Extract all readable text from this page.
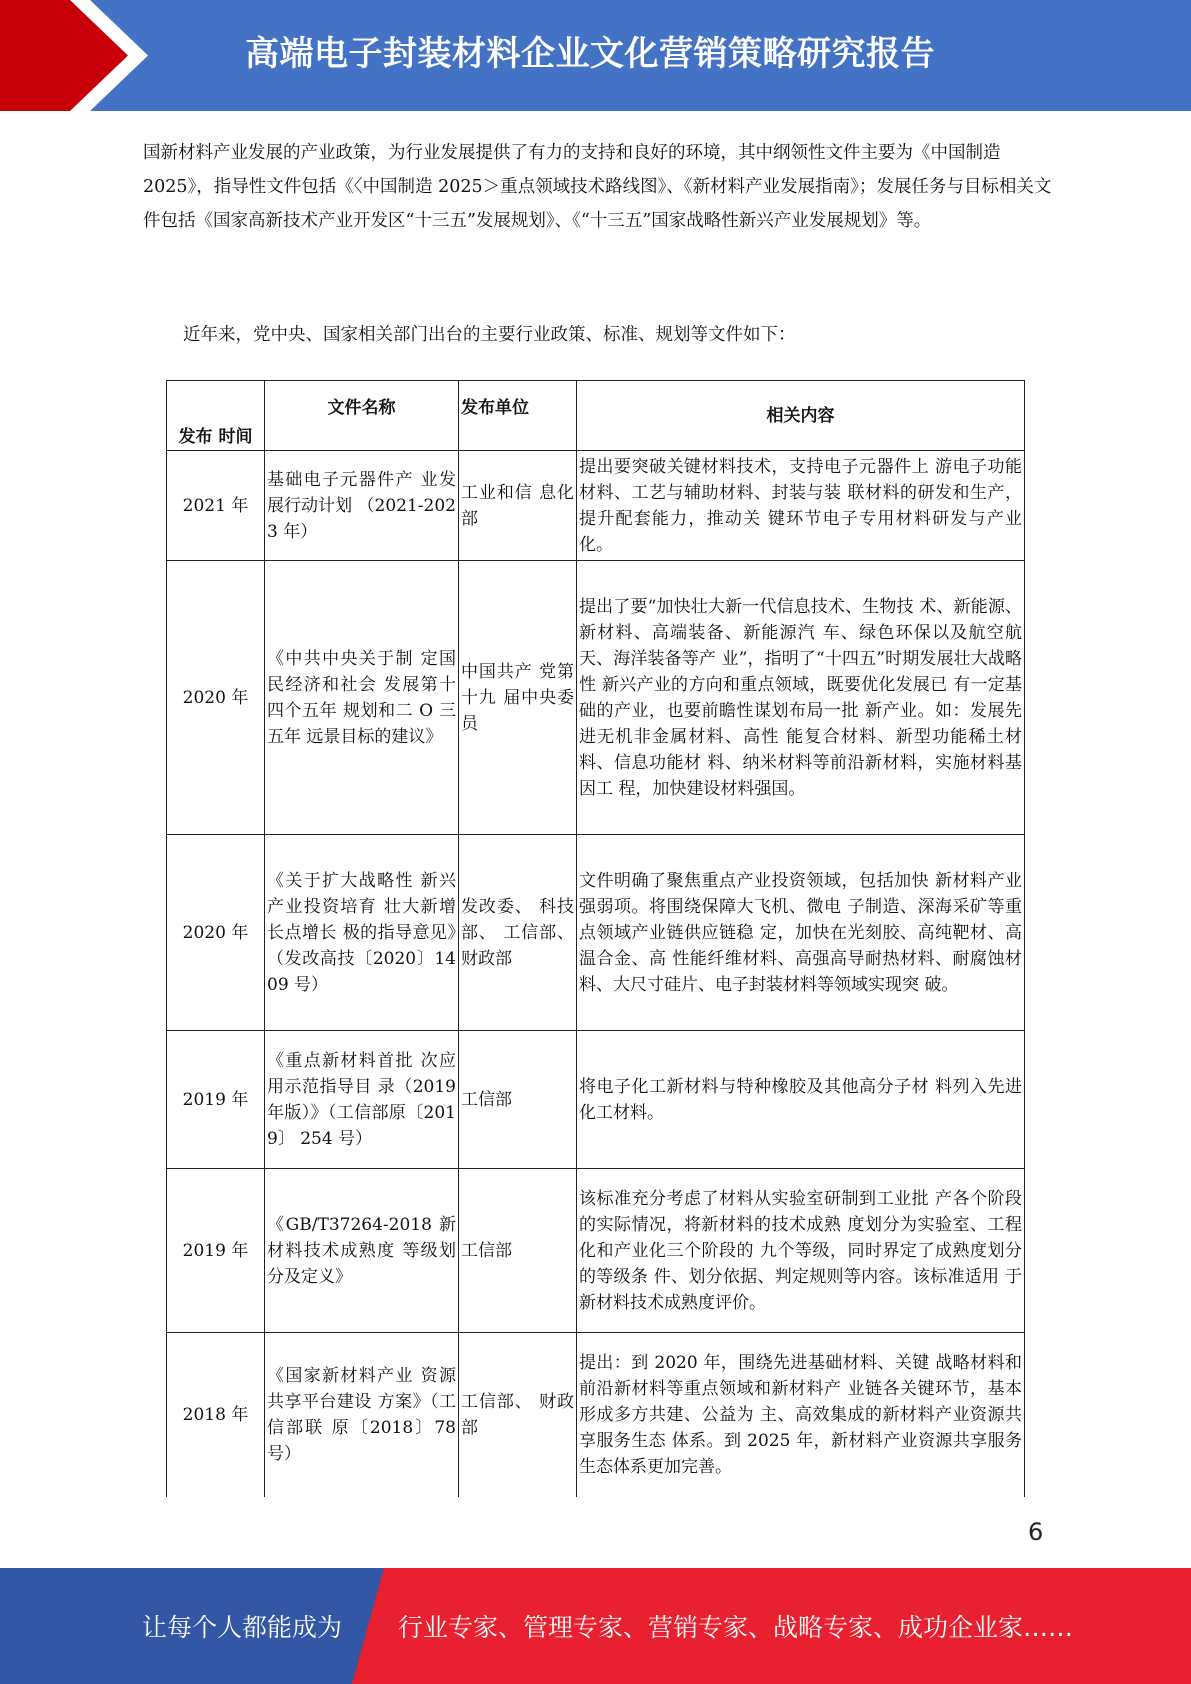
高端电子封装材料企业文化营销策略研究报告
国新材料产业发展的产业政策，为行业发展提供了有力的支持和良好的环境，其中纲领性文件主要为《中国制造 2025》，指导性文件包括《〈中国制造 2025＞重点领域技术路线图》、《新材料产业发展指南》；发展任务与目标相关文件包括《国家高新技术产业开发区“十三五”发展规划》、《“十三五”国家战略性新兴产业发展规划》等。
近年来，党中央、国家相关部门出台的主要行业政策、标准、规划等文件如下：
发布 时间	文件名称	发布单位	相关内容
2021 年	基础电子元器件产 业发展行动计划 （2021-2023 年）	工业和信 息化部	提出要突破关键材料技术，支持电子元器件上 游电子功能材料、工艺与辅助材料、封装与装 联材料的研发和生产，提升配套能力，推动关 键环节电子专用材料研发与产业化。
2020 年	《中共中央关于制 定国民经济和社会 发展第十四个五年 规划和二 O 三五年 远景目标的建议》	中国共产 党第十九 届中央委 员	提出了要“加快壮大新一代信息技术、生物技 术、新能源、新材料、高端装备、新能源汽 车、绿色环保以及航空航天、海洋装备等产 业”，指明了“十四五”时期发展壮大战略性 新兴产业的方向和重点领域，既要优化发展已 有一定基础的产业，也要前瞻性谋划布局一批 新产业。如：发展先进无机非金属材料、高性 能复合材料、新型功能稀土材料、信息功能材 料、纳米材料等前沿新材料，实施材料基因工 程，加快建设材料强国。
2020 年	《关于扩大战略性 新兴产业投资培育 壮大新增长点增长 极的指导意见》（发改高技〔2020〕1409 号）	发改委、 科技部、 工信部、 财政部	文件明确了聚焦重点产业投资领域，包括加快 新材料产业强弱项。将围绕保障大飞机、微电 子制造、深海采矿等重点领域产业链供应链稳 定，加快在光刻胶、高纯靶材、高温合金、高 性能纤维材料、高强高导耐热材料、耐腐蚀材 料、大尺寸硅片、电子封装材料等领域实现突 破。
2019 年	《重点新材料首批 次应用示范指导目 录（2019 年版）》（工信部原〔2019〕 254 号）	工信部	将电子化工新材料与特种橡胶及其他高分子材 料列入先进化工材料。
2019 年	《GB/T37264-2018 新材料技术成熟度 等级划分及定义》	工信部	该标准充分考虑了材料从实验室研制到工业批 产各个阶段的实际情况，将新材料的技术成熟 度划分为实验室、工程化和产业化三个阶段的 九个等级，同时界定了成熟度划分的等级条 件、划分依据、判定规则等内容。该标准适用 于新材料技术成熟度评价。
2018 年	《国家新材料产业 资源共享平台建设 方案》（工信部联 原〔2018〕78 号）	工信部、 财政部	提出：到 2020 年，围绕先进基础材料、关键 战略材料和前沿新材料等重点领域和新材料产 业链各关键环节，基本形成多方共建、公益为 主、高效集成的新材料产业资源共享服务生态 体系。到 2025 年，新材料产业资源共享服务 生态体系更加完善。
6
让每个人都能成为 行业专家、管理专家、营销专家、战略专家、成功企业家……
